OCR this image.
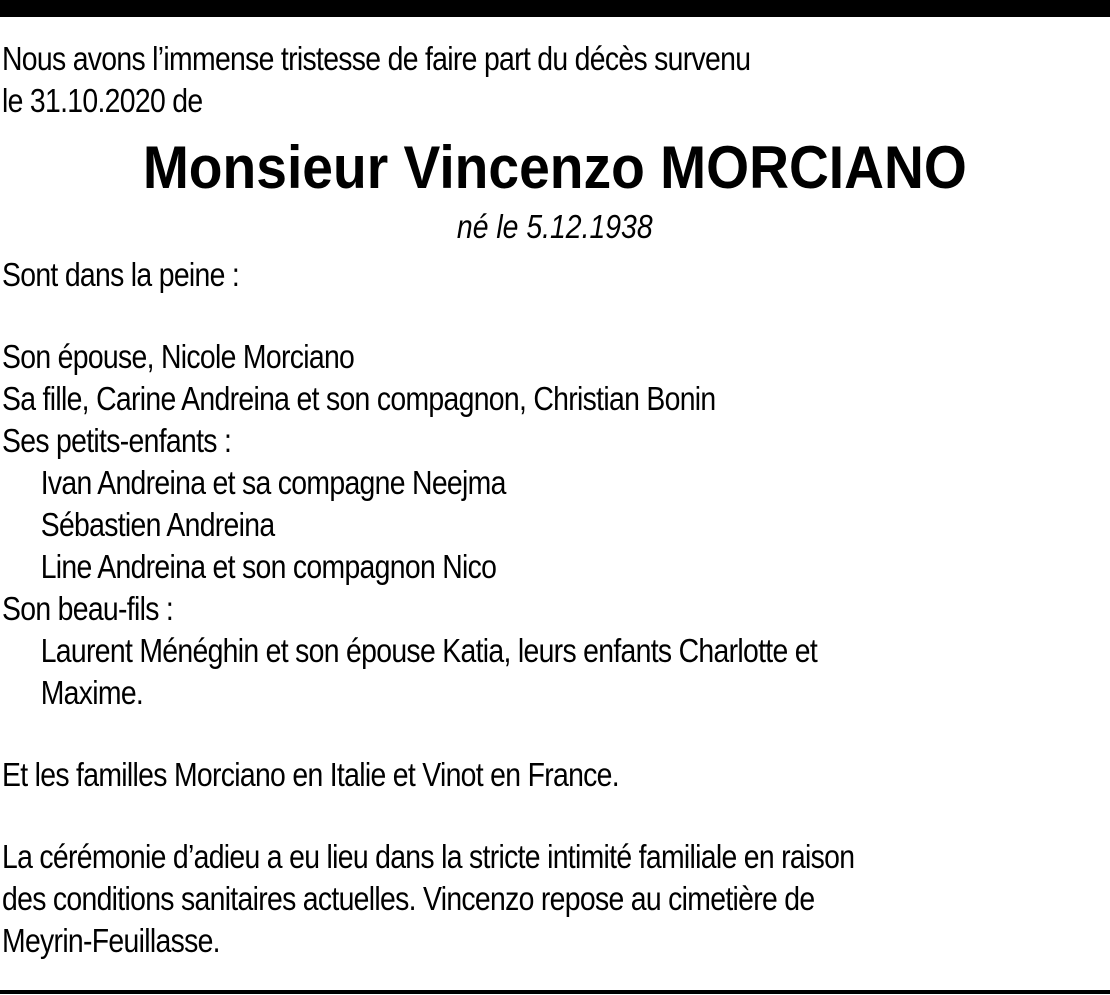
Nous avons l’immense tristesse de faire part du décès survenu
le 31.10.2020 de
Monsieur Vincenzo MORCIANO
né le 5.12.1938
Sont dans la peine :
Son épouse, Nicole Morciano
Sa fille, Carine Andreina et son compagnon, Christian Bonin
Ses petits-enfants :
Ivan Andreina et sa compagne Neejma
Sébastien Andreina
Line Andreina et son compagnon Nico
Son beau-fils :
Laurent Ménéghin et son épouse Katia, leurs enfants Charlotte et
Maxime.
Et les familles Morciano en Italie et Vinot en France.
La cérémonie d’adieu a eu lieu dans la stricte intimité familiale en raison
des conditions sanitaires actuelles. Vincenzo repose au cimetière de
Meyrin-Feuillasse.
